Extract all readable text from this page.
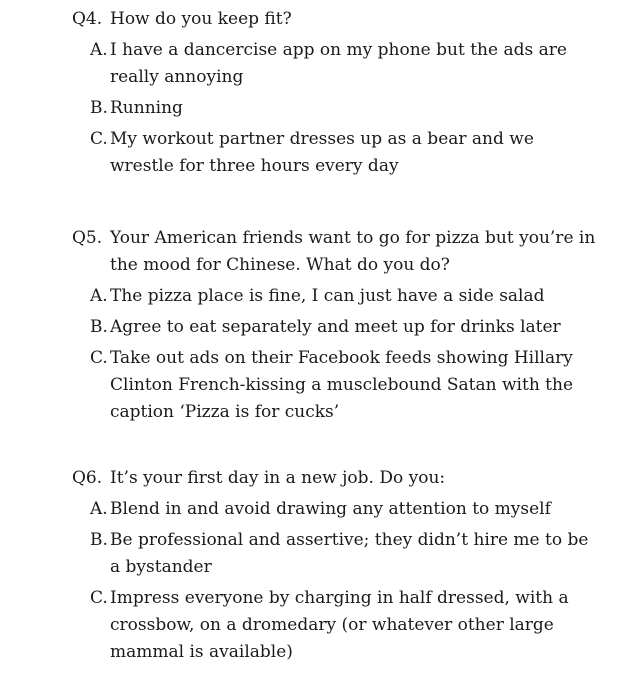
Q4. How do you keep fit?
A. I have a dancercise app on my phone but the ads are really annoying
B. Running
C. My workout partner dresses up as a bear and we wrestle for three hours every day
Q5. Your American friends want to go for pizza but you’re in the mood for Chinese. What do you do?
A. The pizza place is fine, I can just have a side salad
B. Agree to eat separately and meet up for drinks later
C. Take out ads on their Facebook feeds showing Hillary Clinton French-kissing a musclebound Satan with the caption ‘Pizza is for cucks’
Q6. It’s your first day in a new job. Do you:
A. Blend in and avoid drawing any attention to myself
B. Be professional and assertive; they didn’t hire me to be a bystander
C. Impress everyone by charging in half dressed, with a crossbow, on a dromedary (or whatever other large mammal is available)
